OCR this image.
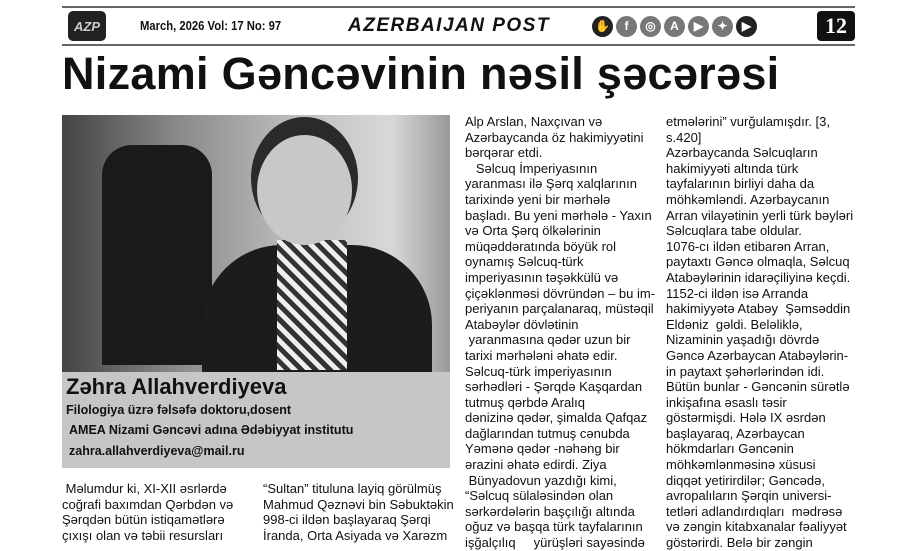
AZP	March, 2026 Vol: 17 No: 97	AZERBAIJAN POST	✋	f	◎	A	▶	✦	▶	12
Nizami Gəncəvinin nəsil şəcərəsi
Zəhra Allahverdiyeva
Filologiya üzrə fəlsəfə doktoru,dosent
AMEA Nizami Gəncəvi adına Ədəbiyyat institutu
zahra.allahverdiyeva@mail.ru
Məlumdur ki, XI-XII əsrlərdə
coğrafi baxımdan Qərbdən və
Şərqdən bütün istiqamətlərə
çıxışı olan və təbii resursları
“Sultan” tituluna layiq görülmüş
Mahmud Qəznəvi bin Səbuktəkin
998-ci ildən başlayaraq Şərqi
İranda, Orta Asiyada və Xarəzm
Alp Arslan, Naxçıvan və
Azərbaycanda öz hakimiyyətini
bərqərar etdi.
Səlcuq İmperiyasının
yaranması ilə Şərq xalqlarının
tarixində yeni bir mərhələ
başladı. Bu yeni mərhələ - Yaxın
və Orta Şərq ölkələrinin
müqəddəratında böyük rol
oynamış Səlcuq-türk
imperiyasının təşəkkülü və
çiçəklənməsi dövründən – bu im-
periyanın parçalanaraq, müstəqil
Atabəylər dövlətinin
yaranmasına qədər uzun bir
tarixi mərhələni əhatə edir.
Səlcuq-türk imperiyasının
sərhədləri - Şərqdə Kaşqardan
tutmuş qərbdə Aralıq
dənizinə qədər, şimalda Qafqaz
dağlarından tutmuş cənubda
Yəmənə qədər -nəhəng bir
ərazini əhatə edirdi. Ziya
Bünyadovun yazdığı kimi,
“Səlcuq sülaləsindən olan
sərkərdələrin başçılığı altında
oğuz və başqa türk tayfalarının
işğalçılıq     yürüşləri sayəsində
etmələrini” vurğulamışdır. [3,
s.420]
Azərbaycanda Səlcuqların
hakimiyyəti altında türk
tayfalarının birliyi daha da
möhkəmləndi. Azərbaycanın
Arran vilayətinin yerli türk bəyləri
Səlcuqlara tabe oldular.
1076-cı ildən etibarən Arran,
paytaxtı Gəncə olmaqla, Səlcuq
Atabəylərinin idarəçiliyinə keçdi.
1152-ci ildən isə Arranda
hakimiyyətə Atabəy  Şəmsəddin
Eldəniz  gəldi. Beləliklə,
Nizaminin yaşadığı dövrdə
Gəncə Azərbaycan Atabəylərin-
in paytaxt şəhərlərindən idi.
Bütün bunlar - Gəncənin sürətlə
inkişafına əsaslı təsir
göstərmişdi. Hələ IX əsrdən
başlayaraq, Azərbaycan
hökmdarları Gəncənin
möhkəmlənməsinə xüsusi
diqqət yetirirdilər; Gəncədə,
avropalıların Şərqin universi-
tetləri adlandırdıqları  mədrəsə
və zəngin kitabxanalar fəaliyyət
göstərirdi. Belə bir zəngin
